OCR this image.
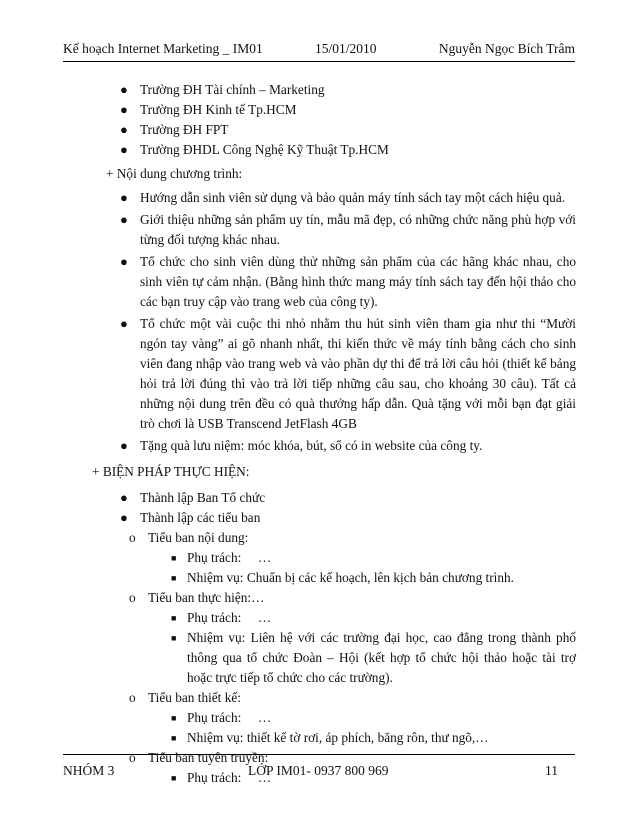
Kế hoạch Internet Marketing _ IM01	15/01/2010	Nguyễn Ngọc Bích Trâm
● Trường ĐH Tài chính – Marketing
● Trường ĐH Kinh tế Tp.HCM
● Trường ĐH FPT
● Trường ĐHDL Công Nghệ Kỹ Thuật Tp.HCM
+ Nội dung chương trình:
● Hướng dẫn sinh viên sử dụng và bảo quản máy tính sách tay một cách hiệu quả.
● Giới thiệu những sản phẩm uy tín, mẫu mã đẹp, có những chức năng phù hợp với từng đối tượng khác nhau.
● Tổ chức cho sinh viên dùng thử những sản phẩm của các hãng khác nhau, cho sinh viên tự cảm nhận. (Bằng hình thức mang máy tính sách tay đến hội thảo cho các bạn truy cập vào trang web của công ty).
● Tổ chức một vài cuộc thi nhỏ nhằm thu hút sinh viên tham gia như thi “Mười ngón tay vàng” ai gõ nhanh nhất, thi kiến thức về máy tính bằng cách cho sinh viên đang nhập vào trang web và vào phần dự thi để trả lời câu hỏi (thiết kế bảng hỏi trả lời đúng thì vào trả lời tiếp những câu sau, cho khoảng 30 câu). Tất cả những nội dung trên đều có quà thưởng hấp dẫn. Quà tặng với mỗi bạn đạt giải trò chơi là USB Transcend JetFlash 4GB
● Tặng quà lưu niệm: móc khóa, bút, sổ có in website của công ty.
+ BIỆN PHÁP THỰC HIỆN:
● Thành lập Ban Tổ chức
● Thành lập các tiểu ban
o Tiểu ban nội dung:
■ Phụ trách:     …
■ Nhiệm vụ: Chuẩn bị các kế hoạch, lên kịch bản chương trình.
o Tiểu ban thực hiện:…
■ Phụ trách:     …
■ Nhiệm vụ: Liên hệ với các trường đại học, cao đẳng trong thành phố thông qua tổ chức Đoàn – Hội (kết hợp tổ chức hội thảo hoặc tài trợ hoặc trực tiếp tổ chức cho các trường).
o Tiểu ban thiết kế:
■ Phụ trách:     …
■ Nhiệm vụ: thiết kế tờ rơi, áp phích, băng rôn, thư ngõ,…
o Tiểu ban tuyên truyền:
■ Phụ trách:     …
NHÓM 3	LỚP IM01- 0937 800 969	11
